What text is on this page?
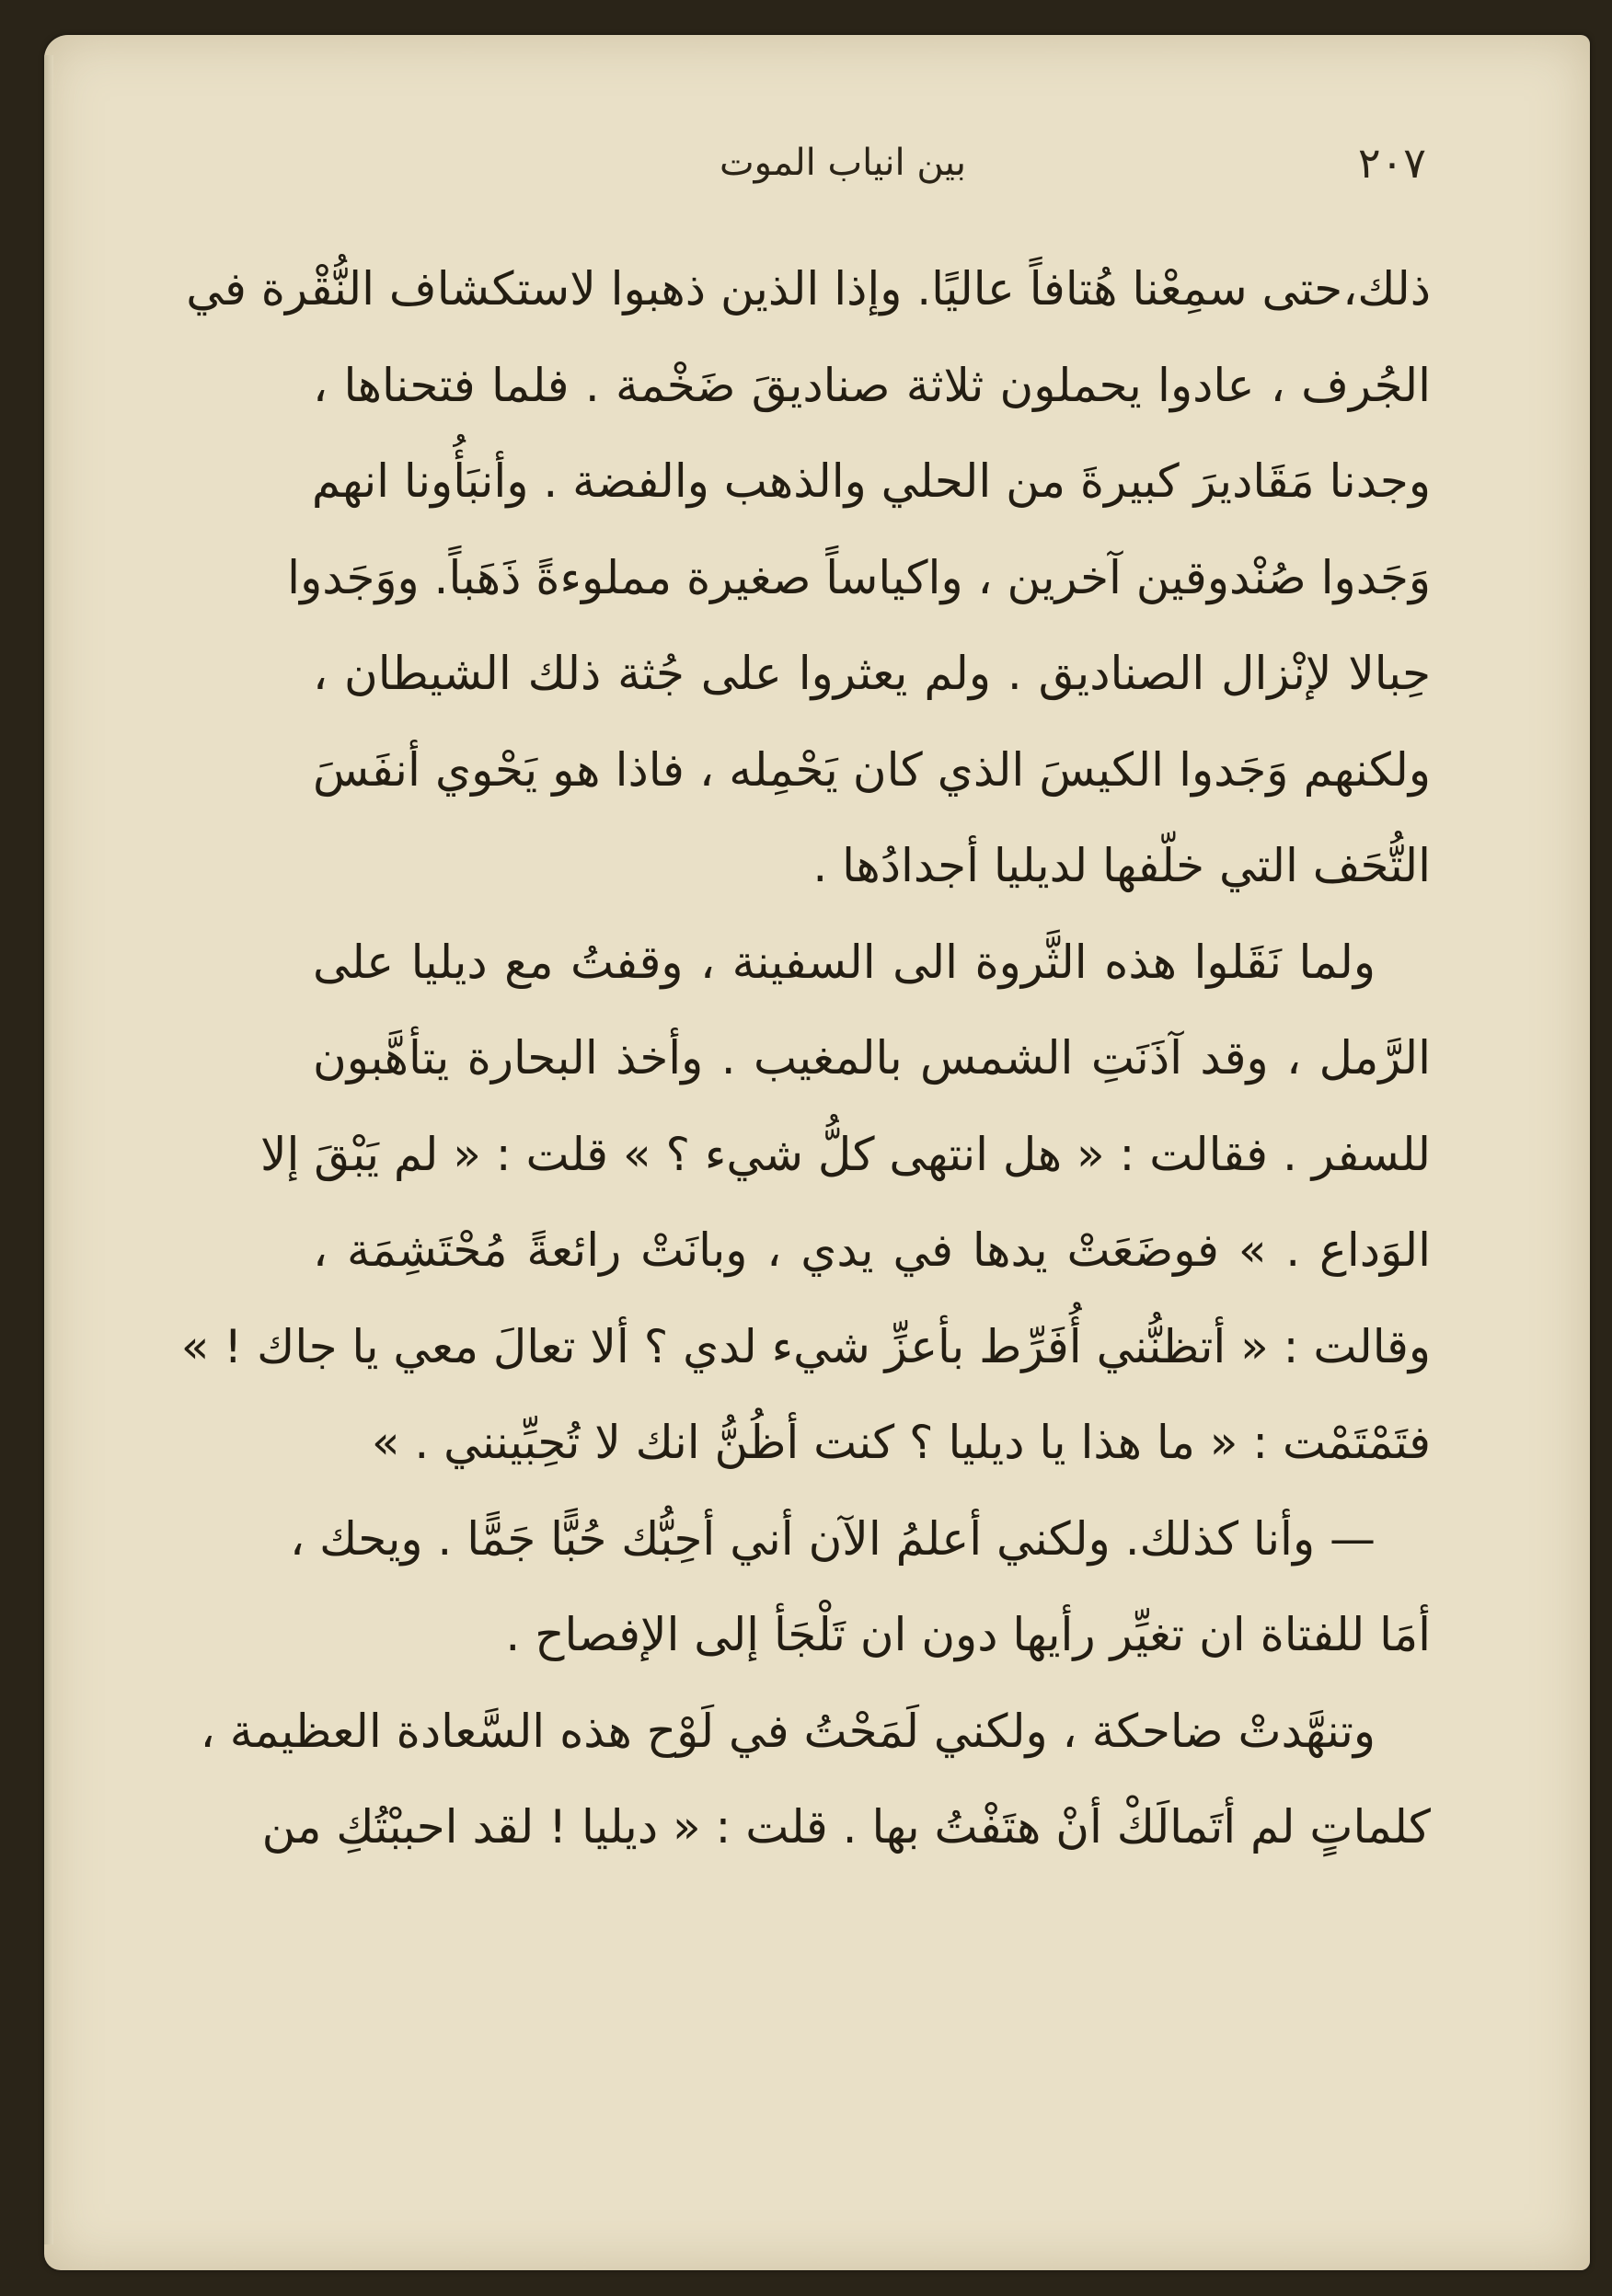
٢٠٧
بين انياب الموت
ذلك،حتى سمِعْنا هُتافاً عاليًا. وإذا الذين ذهبوا لاستكشاف النُّقْرة في
الجُرف ، عادوا يحملون ثلاثة صناديقَ ضَخْمة . فلما فتحناها ،
وجدنا مَقَاديرَ كبيرةَ من الحلي والذهب والفضة . وأنبَأُونا انهم
وَجَدوا صُنْدوقين آخرين ، واكياساً صغيرة مملوءةً ذَهَباً. ووَجَدوا
حِبالا لإنْزال الصناديق . ولم يعثروا على جُثة ذلك الشيطان ،
ولكنهم وَجَدوا الكيسَ الذي كان يَحْمِله ، فاذا هو يَحْوي أنفَسَ
التُّحَف التي خلّفها لديليا أجدادُها .
ولما نَقَلوا هذه الثَّروة الى السفينة ، وقفتُ مع ديليا على
الرَّمل ، وقد آذَنَتِ الشمس بالمغيب . وأخذ البحارة يتأهَّبون
للسفر . فقالت : « هل انتهى كلُّ شيء ؟ » قلت : « لم يَبْقَ إلا
الوَداع . » فوضَعَتْ يدها في يدي ، وبانَتْ رائعةً مُحْتَشِمَة ،
وقالت : « أتظنُّني أُفَرِّط بأعزِّ شيء لدي ؟ ألا تعالَ معي يا جاك ! »
فتَمْتَمْت : « ما هذا يا ديليا ؟ كنت أظُنُّ انك لا تُحِبِّينني . »
— وأنا كذلك. ولكني أعلمُ الآن أني أحِبُّك حُبًّا جَمًّا . ويحك ،
أمَا للفتاة ان تغيِّر رأيها دون ان تَلْجَأ إلى الإفصاح .
وتنهَّدتْ ضاحكة ، ولكني لَمَحْتُ في لَوْح هذه السَّعادة العظيمة ،
كلماتٍ لم أتَمالَكْ أنْ هتَفْتُ بها . قلت : « ديليا ! لقد احببْتُكِ من
